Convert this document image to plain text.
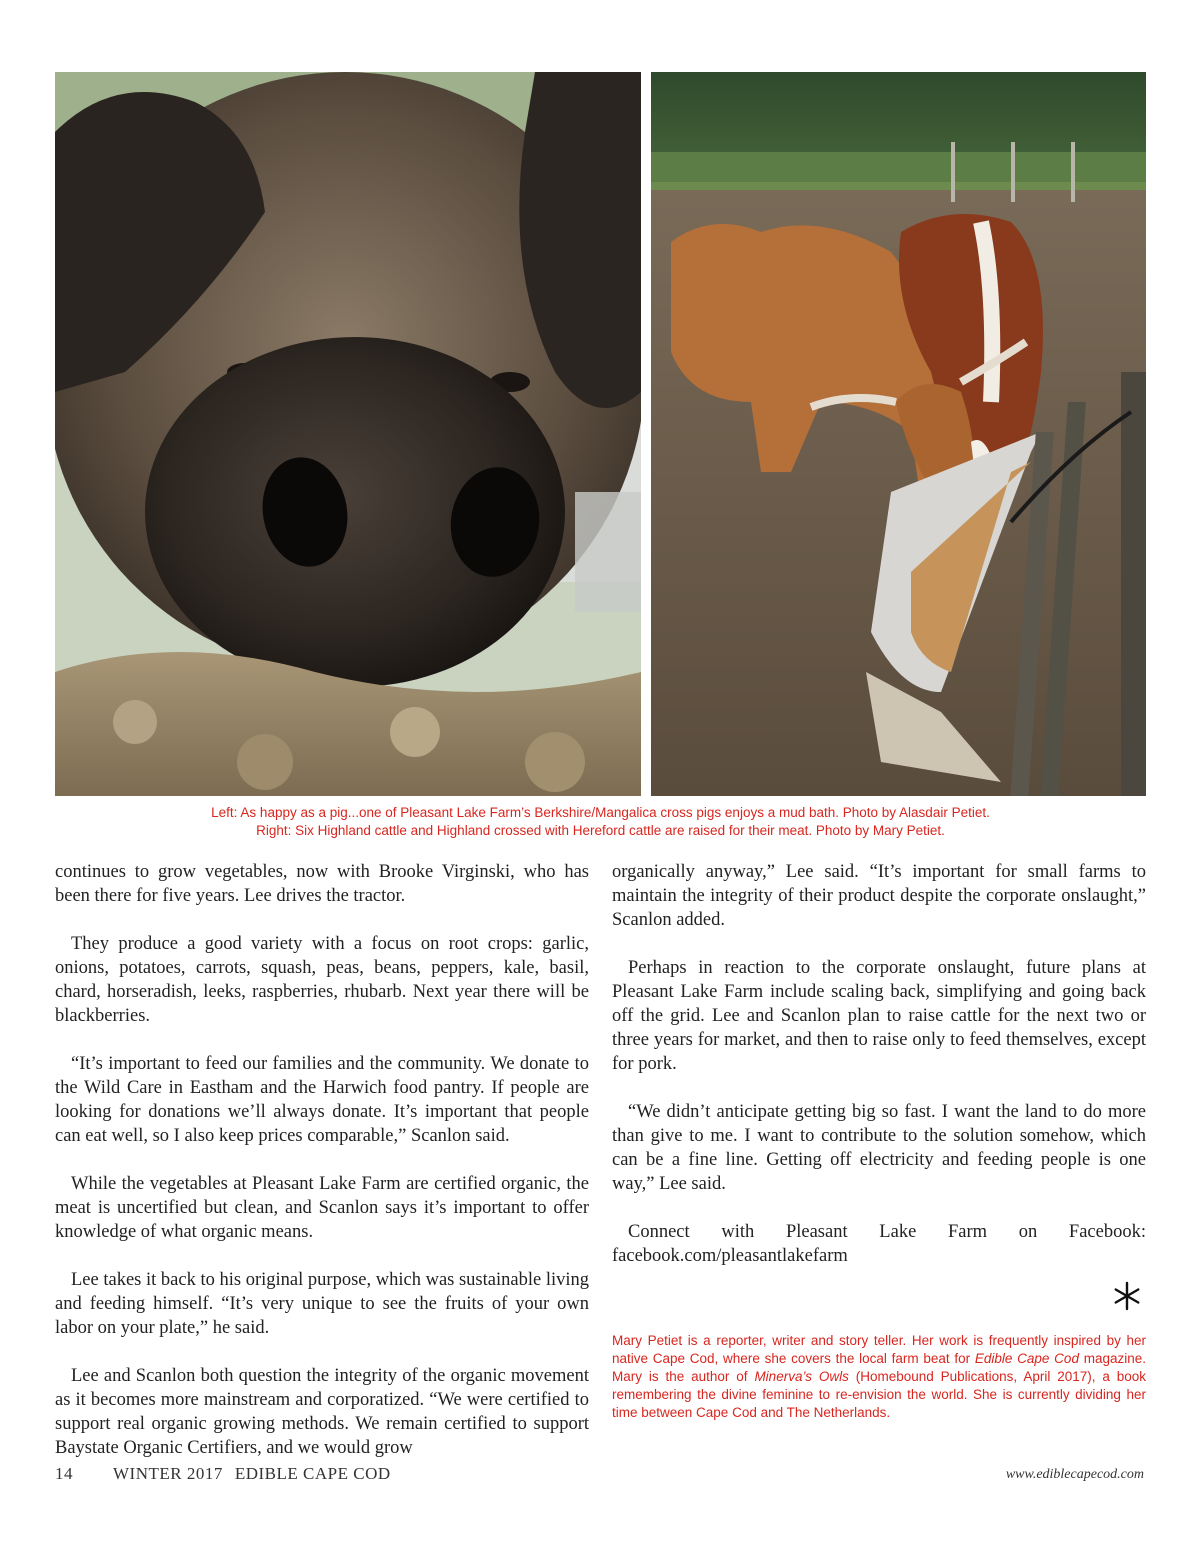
Left: As happy as a pig...one of Pleasant Lake Farm’s Berkshire/Mangalica cross pigs enjoys a mud bath. Photo by Alasdair Petiet.
Right: Six Highland cattle and Highland crossed with Hereford cattle are raised for their meat. Photo by Mary Petiet.

continues to grow vegetables, now with Brooke Virginski, who has been there for five years. Lee drives the tractor.

They produce a good variety with a focus on root crops: garlic, onions, potatoes, carrots, squash, peas, beans, peppers, kale, basil, chard, horseradish, leeks, raspberries, rhubarb. Next year there will be blackberries.

“It’s important to feed our families and the community. We donate to the Wild Care in Eastham and the Harwich food pantry. If people are looking for donations we’ll always donate. It’s important that people can eat well, so I also keep prices comparable,” Scanlon said.

While the vegetables at Pleasant Lake Farm are certified organic, the meat is uncertified but clean, and Scanlon says it’s important to offer knowledge of what organic means.

Lee takes it back to his original purpose, which was sustainable living and feeding himself. “It’s very unique to see the fruits of your own labor on your plate,” he said.

Lee and Scanlon both question the integrity of the organic movement as it becomes more mainstream and corporatized. “We were certified to support real organic growing methods. We remain certified to support Baystate Organic Certifiers, and we would grow

organically anyway,” Lee said. “It’s important for small farms to maintain the integrity of their product despite the corporate onslaught,” Scanlon added.

Perhaps in reaction to the corporate onslaught, future plans at Pleasant Lake Farm include scaling back, simplifying and going back off the grid. Lee and Scanlon plan to raise cattle for the next two or three years for market, and then to raise only to feed themselves, except for pork.

“We didn’t anticipate getting big so fast. I want the land to do more than give to me. I want to contribute to the solution somehow, which can be a fine line. Getting off electricity and feeding people is one way,” Lee said.

Connect with Pleasant Lake Farm on Facebook: facebook.com/pleasantlakefarm

Mary Petiet is a reporter, writer and story teller. Her work is frequently inspired by her native Cape Cod, where she covers the local farm beat for Edible Cape Cod magazine. Mary is the author of Minerva’s Owls (Homebound Publications, April 2017), a book remembering the divine feminine to re-envision the world. She is currently dividing her time between Cape Cod and The Netherlands.
14 WINTER 2017 EDIBLE CAPE COD	www.ediblecapecod.com
